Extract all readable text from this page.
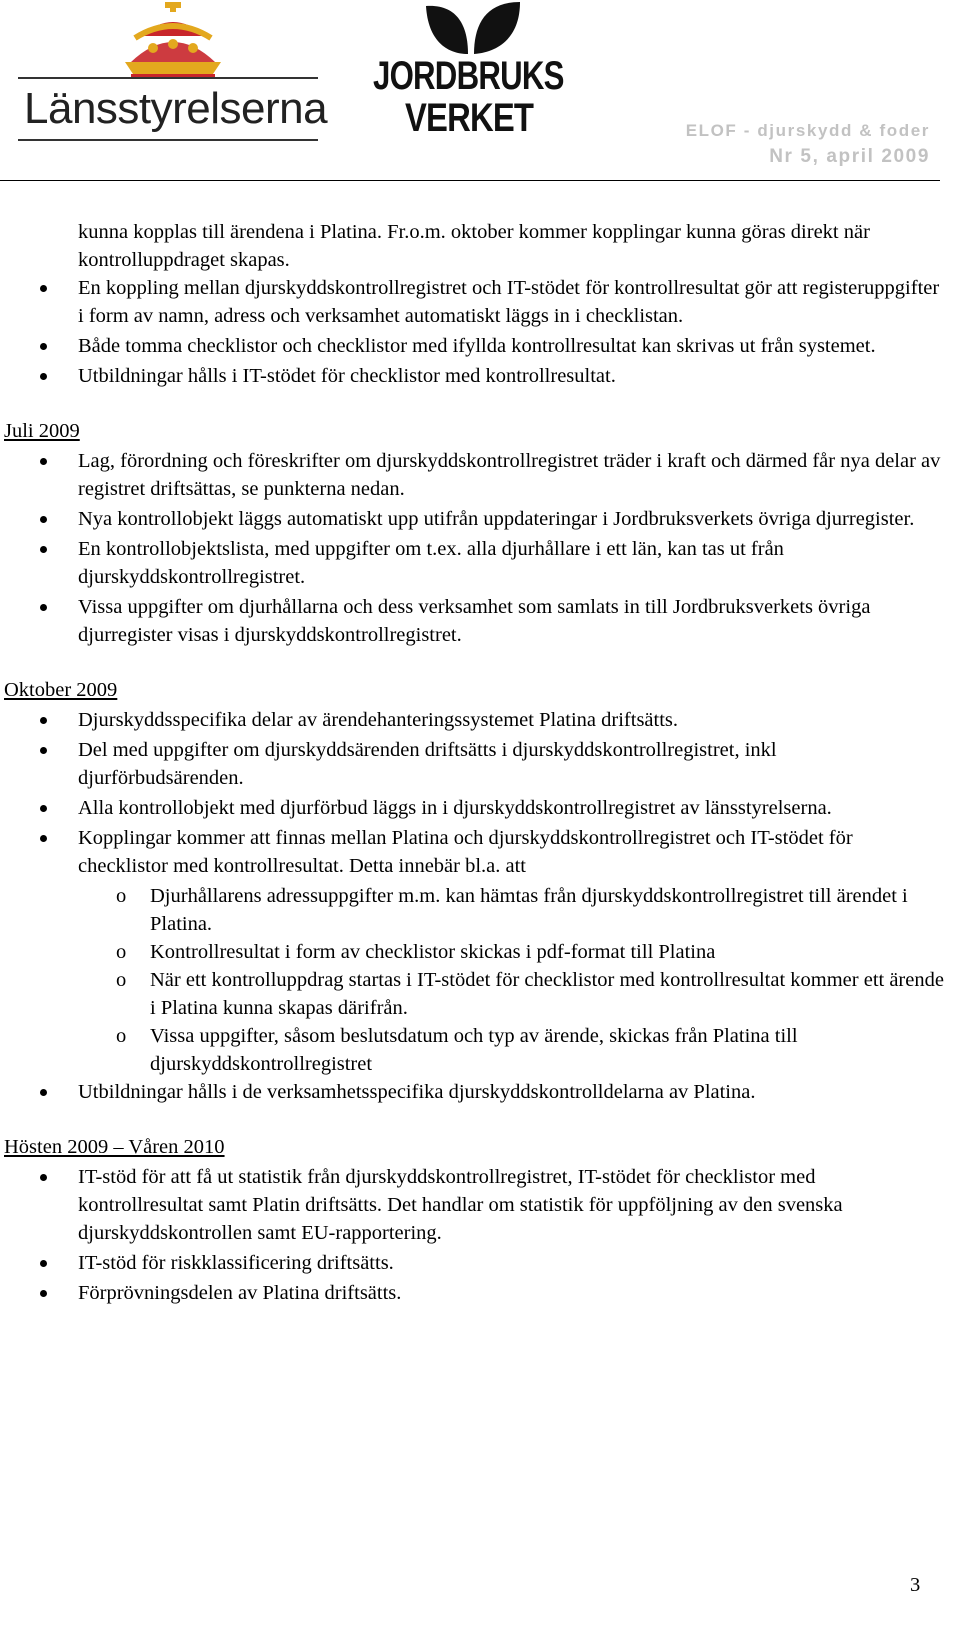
Länsstyrelserna
JORDBRUKS
VERKET	ELOF - djurskydd & foder
Nr 5, april 2009

kunna kopplas till ärendena i Platina. Fr.o.m. oktober kommer kopplingar kunna göras direkt när kontrolluppdraget skapas.

En koppling mellan djurskyddskontrollregistret och IT-stödet för kontrollresultat gör att registeruppgifter i form av namn, adress och verksamhet automatiskt läggs in i checklistan.
Både tomma checklistor och checklistor med ifyllda kontrollresultat kan skrivas ut från systemet.
Utbildningar hålls i IT-stödet för checklistor med kontrollresultat.
Juli 2009
Lag, förordning och föreskrifter om djurskyddskontrollregistret träder i kraft och därmed får nya delar av registret driftsättas, se punkterna nedan.
Nya kontrollobjekt läggs automatiskt upp utifrån uppdateringar i Jordbruksverkets övriga djurregister.
En kontrollobjektslista, med uppgifter om t.ex. alla djurhållare i ett län, kan tas ut från djurskyddskontrollregistret.
Vissa uppgifter om djurhållarna och dess verksamhet som samlats in till Jordbruksverkets övriga djurregister visas i djurskyddskontrollregistret.
Oktober 2009
Djurskyddsspecifika delar av ärendehanteringssystemet Platina driftsätts.
Del med uppgifter om djurskyddsärenden driftsätts i djurskyddskontrollregistret, inkl djurförbudsärenden.
Alla kontrollobjekt med djurförbud läggs in i djurskyddskontrollregistret av länsstyrelserna.
Kopplingar kommer att finnas mellan Platina och djurskyddskontrollregistret och IT-stödet för checklistor med kontrollresultat. Detta innebär bl.a. att
o Djurhållarens adressuppgifter m.m. kan hämtas från djurskyddskontrollregistret till ärendet i Platina.
o Kontrollresultat i form av checklistor skickas i pdf-format till Platina
o När ett kontrolluppdrag startas i IT-stödet för checklistor med kontrollresultat kommer ett ärende i Platina kunna skapas därifrån.
o Vissa uppgifter, såsom beslutsdatum och typ av ärende, skickas från Platina till djurskyddskontrollregistret
Utbildningar hålls i de verksamhetsspecifika djurskyddskontrolldelarna av Platina.
Hösten 2009 – Våren 2010
IT-stöd för att få ut statistik från djurskyddskontrollregistret, IT-stödet för checklistor med kontrollresultat samt Platin driftsätts. Det handlar om statistik för uppföljning av den svenska djurskyddskontrollen samt EU-rapportering.
IT-stöd för riskklassificering driftsätts.
Förprövningsdelen av Platina driftsätts.
3
